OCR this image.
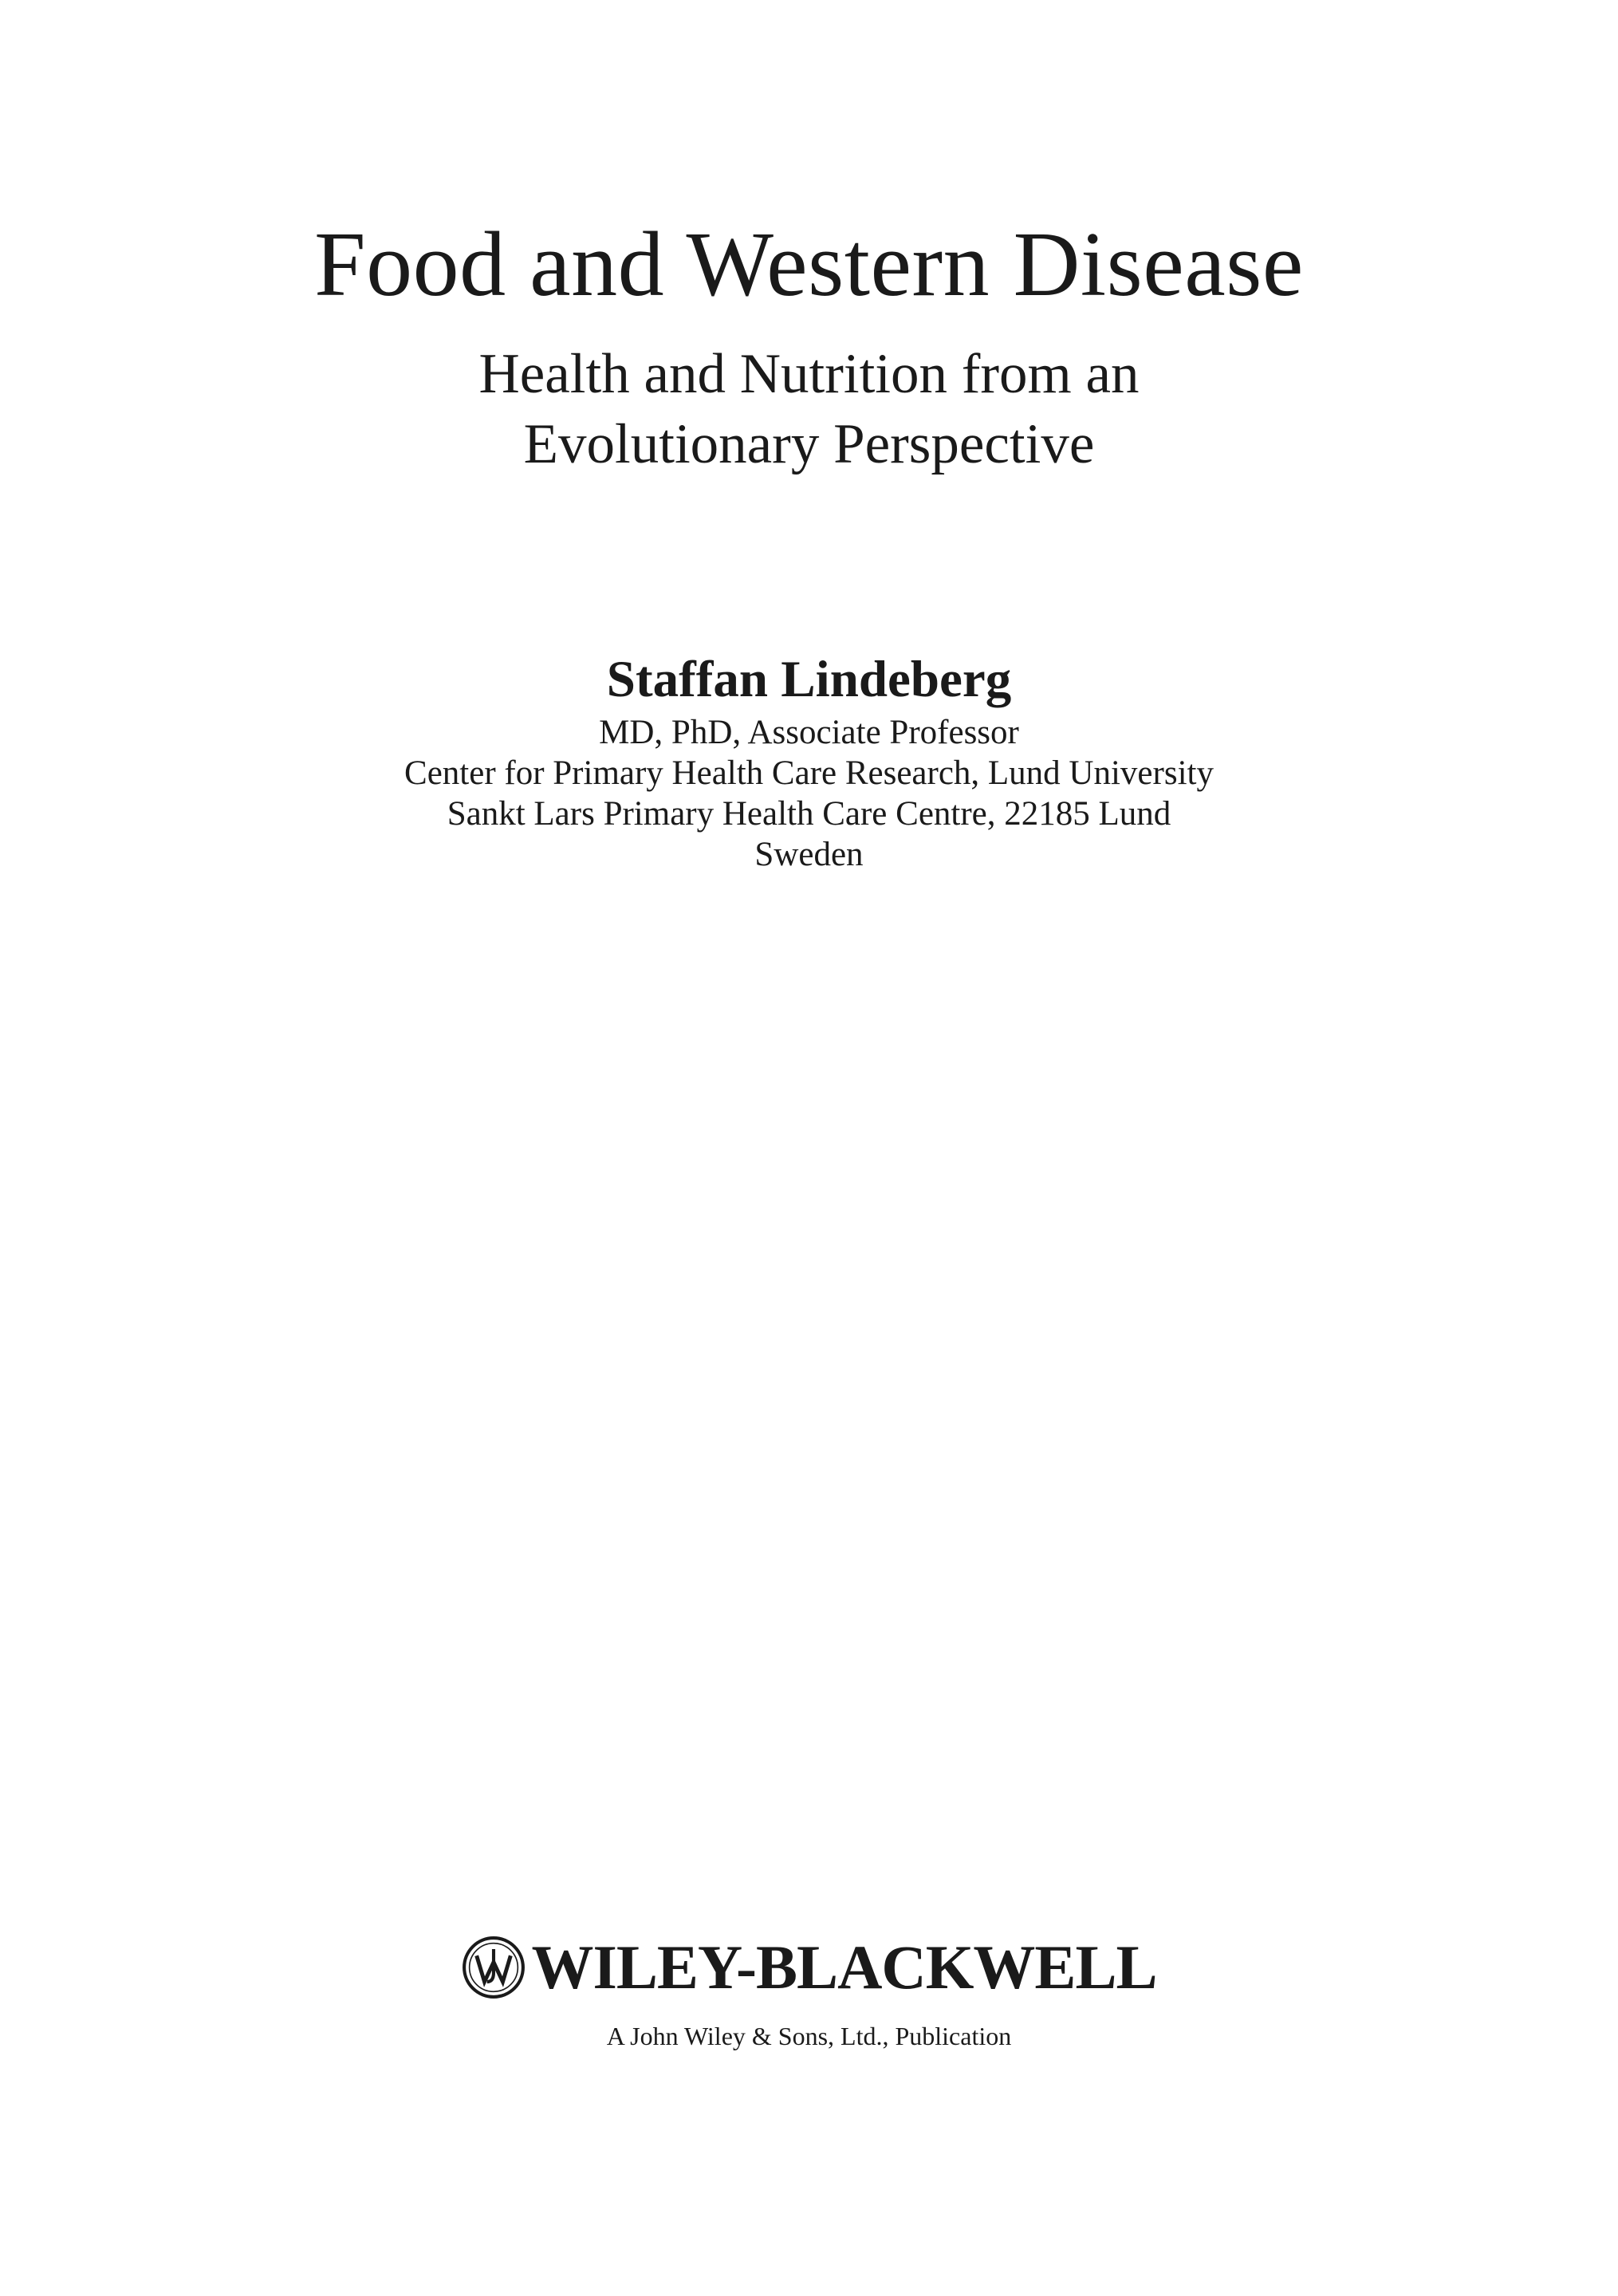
Food and Western Disease
Health and Nutrition from an
Evolutionary Perspective
Staffan Lindeberg
MD, PhD, Associate Professor
Center for Primary Health Care Research, Lund University
Sankt Lars Primary Health Care Centre, 22185 Lund
Sweden
WILEY-BLACKWELL
A John Wiley & Sons, Ltd., Publication
